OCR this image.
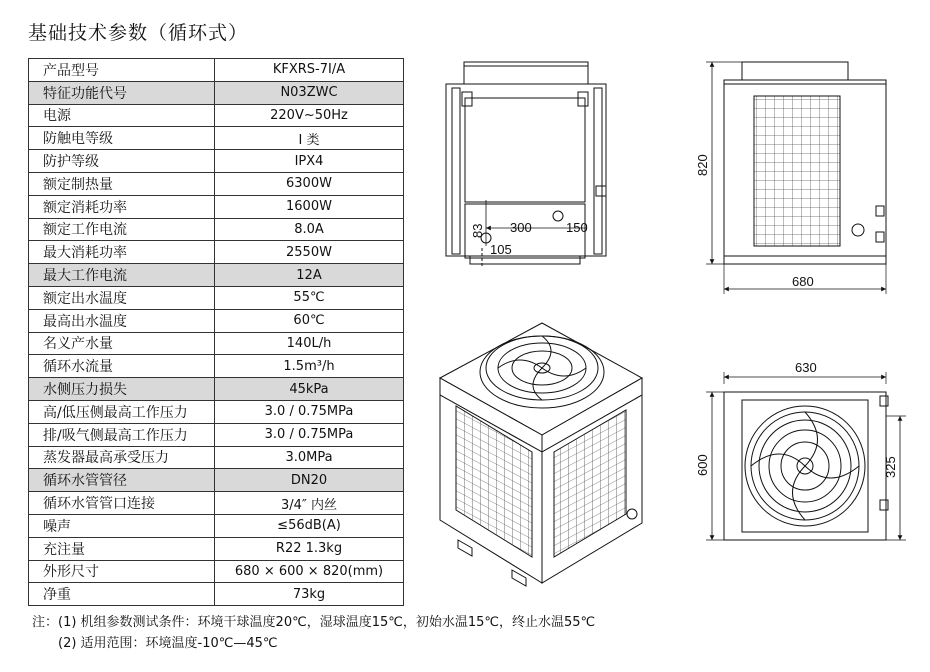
基础技术参数（循环式）
产品型号	KFXRS-7I/A
特征功能代号	N03ZWC
电源	220V~50Hz
防触电等级	Ⅰ 类
防护等级	IPX4
额定制热量	6300W
额定消耗功率	1600W
额定工作电流	8.0A
最大消耗功率	2550W
最大工作电流	12A
额定出水温度	55℃
最高出水温度	60℃
名义产水量	140L/h
循环水流量	1.5m³/h
水侧压力损失	45kPa
高/低压侧最高工作压力	3.0 / 0.75MPa
排/吸气侧最高工作压力	3.0 / 0.75MPa
蒸发器最高承受压力	3.0MPa
循环水管管径	DN20
循环水管管口连接	3/4″ 内丝
噪声	≤56dB(A)
充注量	R22 1.3kg
外形尺寸	680 × 600 × 820(mm)
净重	73kg
注：(1) 机组参数测试条件：环境干球温度20℃，湿球温度15℃，初始水温15℃，终止水温55℃
(2) 适用范围：环境温度-10℃—45℃
300	150
83
105
820
680
630
600	325
